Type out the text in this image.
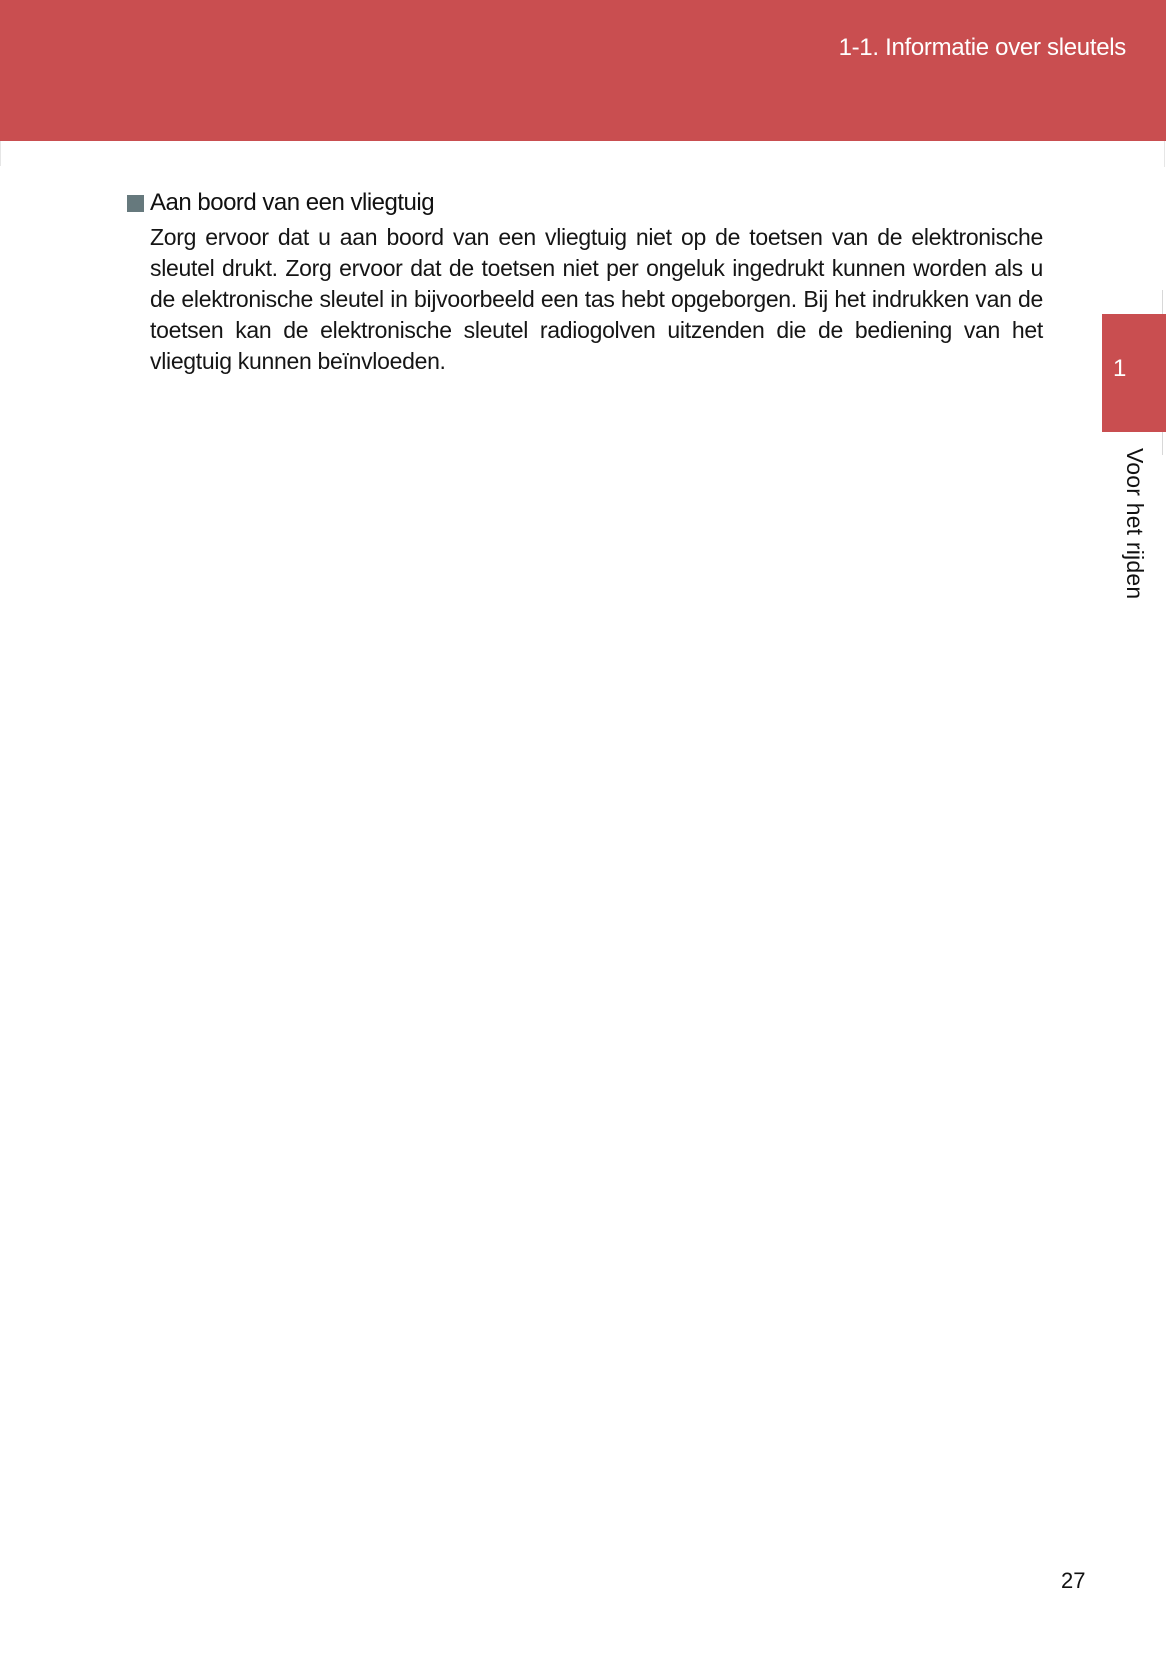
1-1. Informatie over sleutels
Aan boord van een vliegtuig
Zorg ervoor dat u aan boord van een vliegtuig niet op de toetsen van de elektronische sleutel drukt. Zorg ervoor dat de toetsen niet per ongeluk ingedrukt kunnen worden als u de elektronische sleutel in bijvoorbeeld een tas hebt opgeborgen. Bij het indrukken van de toetsen kan de elektronische sleutel radiogolven uitzenden die de bediening van het vliegtuig kunnen beïnvloeden.	1
Voor het rijden
27
